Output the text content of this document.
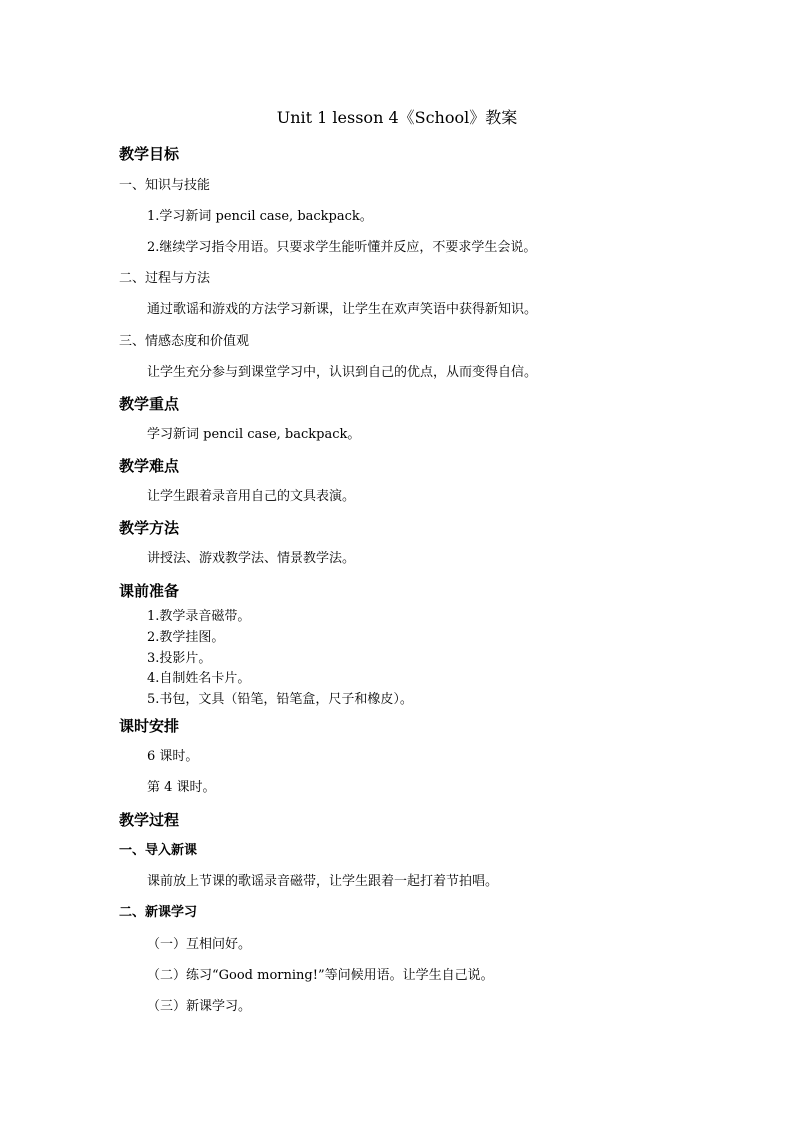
Unit 1 lesson 4《School》教案
教学目标
一、知识与技能
1.学习新词 pencil case, backpack。
2.继续学习指令用语。只要求学生能听懂并反应，不要求学生会说。
二、过程与方法
通过歌谣和游戏的方法学习新课，让学生在欢声笑语中获得新知识。
三、情感态度和价值观
让学生充分参与到课堂学习中，认识到自己的优点，从而变得自信。
教学重点
学习新词 pencil case, backpack。
教学难点
让学生跟着录音用自己的文具表演。
教学方法
讲授法、游戏教学法、情景教学法。
课前准备
1.教学录音磁带。
2.教学挂图。
3.投影片。
4.自制姓名卡片。
5.书包，文具（铅笔，铅笔盒，尺子和橡皮）。
课时安排
6 课时。
第 4 课时。
教学过程
一、导入新课
课前放上节课的歌谣录音磁带，让学生跟着一起打着节拍唱。
二、新课学习
（一）互相问好。
（二）练习“Good morning!”等问候用语。让学生自己说。
（三）新课学习。
